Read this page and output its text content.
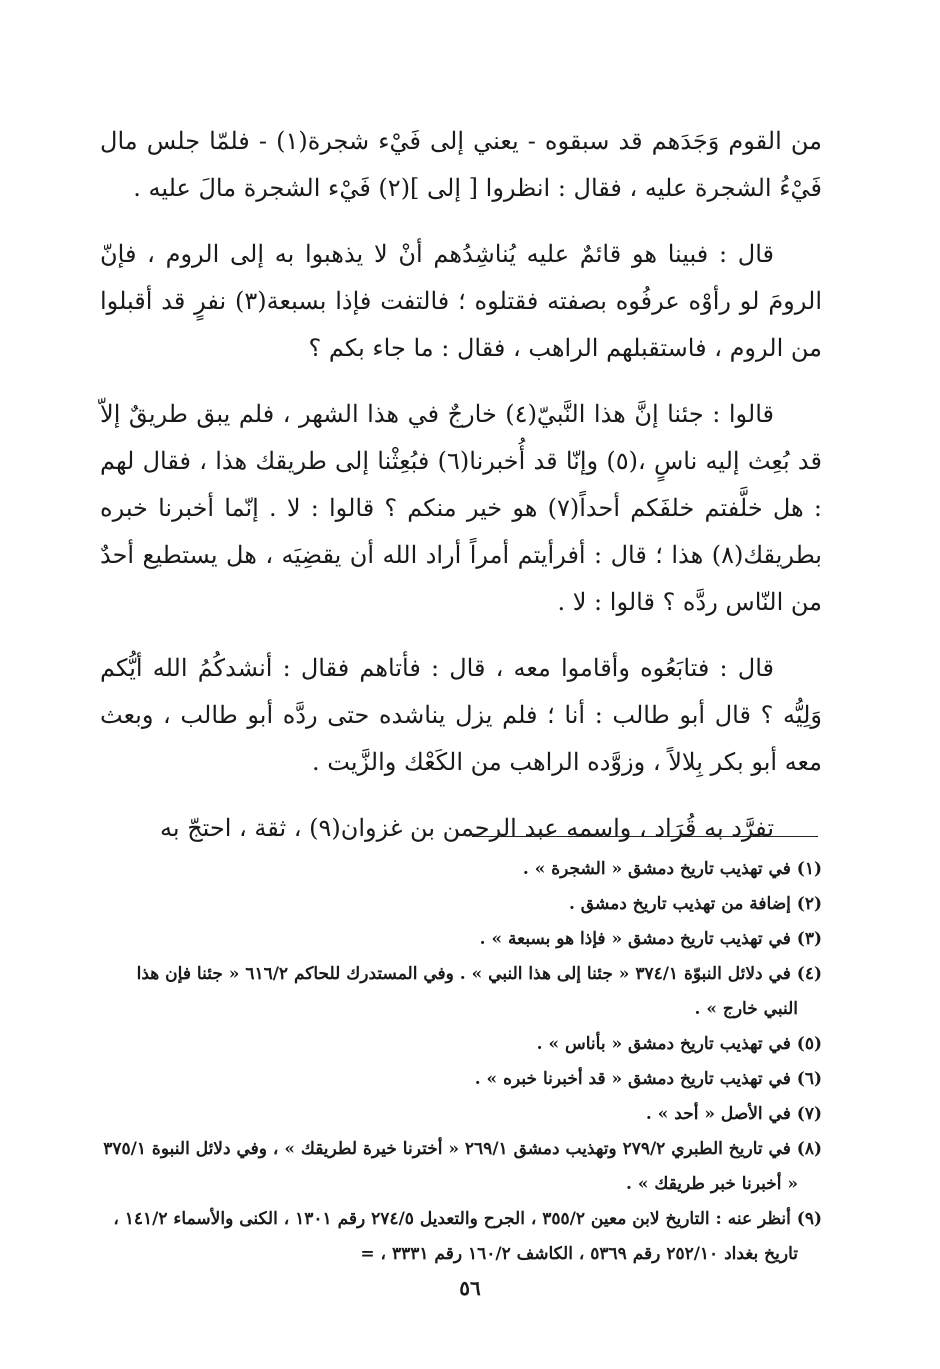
من القوم وَجَدَهم قد سبقوه - يعني إلى فَيْء شجرة(١) - فلمّا جلس مال فَيْءُ الشجرة عليه ، فقال : انظروا [ إلى ](٢) فَيْء الشجرة مالَ عليه .

قال : فبينا هو قائمٌ عليه يُناشِدُهم أنْ لا يذهبوا به إلى الروم ، فإنّ الرومَ لو رأوْه عرفُوه بصفته فقتلوه ؛ فالتفت فإذا بسبعة(٣) نفرٍ قد أقبلوا من الروم ، فاستقبلهم الراهب ، فقال : ما جاء بكم ؟

قالوا : جئنا إنَّ هذا النَّبيّ(٤) خارجٌ في هذا الشهر ، فلم يبق طريقٌ إلاّ قد بُعِث إليه ناسٍ ،(٥) وإنّا قد أُخبرنا(٦) فبُعِثْنا إلى طريقك هذا ، فقال لهم : هل خلَّفتم خلفَكم أحداً(٧) هو خير منكم ؟ قالوا : لا . إنّما أخبرنا خبره بطريقك(٨) هذا ؛ قال : أفرأيتم أمراً أراد الله أن يقضِيَه ، هل يستطيع أحدٌ من النّاس ردَّه ؟ قالوا : لا .

قال : فتابَعُوه وأقاموا معه ، قال : فأتاهم فقال : أنشدكُمُ الله أيُّكم وَلِيُّه ؟ قال أبو طالب : أنا ؛ فلم يزل يناشده حتى ردَّه أبو طالب ، وبعث معه أبو بكر بِلالاً ، وزوَّده الراهب من الكَعْك والزَّيت .

تفرَّد به قُرَاد ، واسمه عبد الرحمن بن غزوان(٩) ، ثقة ، احتجّ به

(١) في تهذيب تاريخ دمشق « الشجرة » .

(٢) إضافة من تهذيب تاريخ دمشق .

(٣) في تهذيب تاريخ دمشق « فإذا هو بسبعة » .

(٤) في دلائل النبوّة ٣٧٤/١ « جئنا إلى هذا النبي » . وفي المستدرك للحاكم ٦١٦/٢ « جئنا فإن هذا النبي خارج » .

(٥) في تهذيب تاريخ دمشق « بأناس » .

(٦) في تهذيب تاريخ دمشق « قد أخبرنا خبره » .

(٧) في الأصل « أحد » .

(٨) في تاريخ الطبري ٢٧٩/٢ وتهذيب دمشق ٢٦٩/١ « أخترنا خيرة لطريقك » ، وفي دلائل النبوة ٣٧٥/١ « أخبرنا خبر طريقك » .

(٩) أنظر عنه : التاريخ لابن معين ٣٥٥/٢ ، الجرح والتعديل ٢٧٤/٥ رقم ١٣٠١ ، الكنى والأسماء ١٤١/٢ ، تاريخ بغداد ٢٥٢/١٠ رقم ٥٣٦٩ ، الكاشف ١٦٠/٢ رقم ٣٣٣١ ، =

٥٦
